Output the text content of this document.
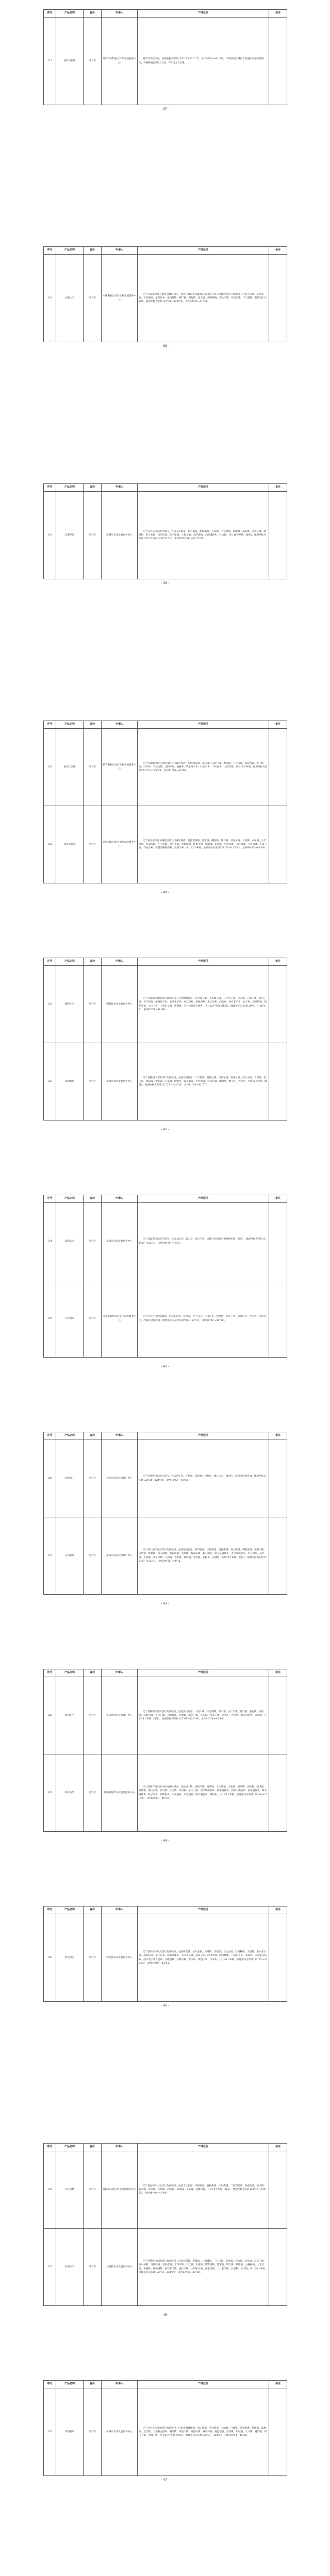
序号	产品名称	省份	申请人	产地范围	备注
117	葫芦岛石榴	辽宁省	葫芦岛市特色农产品发展服务中心	葫芦岛市辖区内，地理坐标为东经119°13′~121°15′，北纬40°01′~41°00′。产地划定区域位于地理标志保护范围内，石榴种植面积0.5万亩，年产量1.2万吨。	
- 37 -
序号	产品名称	省份	申请人	产地范围	备注
118	本溪大米	辽宁省	本溪满族自治县农业发展服务中心	辽宁省本溪满族自治县行政区域内，划定区域位于本溪县东部山区与太子河流域河谷平原地带，包括小市镇、草河掌镇、草河城镇、东营坊乡、清河城镇、碱厂镇、南甸镇、高官镇、田师傅镇、连山关镇、草河口镇、下马塘镇、偏岭镇13个乡镇。地理坐标为东经123°31′~124°55′，北纬40°49′~41°40′。	
- 38 -
序号	产品名称	省份	申请人	产地范围	备注
119	东港草莓	辽宁省	东港市农业发展服务中心	辽宁省丹东市东港市境内，包括大东街道、新兴街道、新城街道、长安镇、十字街镇、前阳镇、孤山镇、北井子镇、椅圈镇、黄土坎镇、马家店镇、龙王庙镇、小甸子镇、菩萨庙镇、合隆满族乡、长山镇，共计16个乡镇（街道）。地理坐标为东经123°22′30″~124°22′22″，北纬39°45′30″~40°12′56″。	
- 39 -
序号	产品名称	省份	申请人	产地范围	备注
120	新宾辽五味	辽宁省	新宾满族自治县农业发展服务中心	辽宁省抚顺市新宾满族自治县行政区域内，包括新宾镇、永陵镇、旺清门镇、木奇镇、上夹河镇、南杂木镇、苇子峪镇、红升乡、平顶山镇、北四平乡、榆树乡、响水河子乡、红庙子乡、下夹河乡、大四平镇，共计15个乡镇。地理坐标为东经124°15′~125°28′，北纬41°14′~41°48′。	
121	宽甸石柱参	辽宁省	宽甸满族自治县农业发展服务中心	辽宁省丹东市宽甸满族自治县行政区域内，包括宽甸镇、灌水镇、硼海镇、红石镇、毛甸子镇、长甸镇、永甸镇、太平哨镇、青山沟镇、牛毛坞镇、大川头镇、青椅山镇、杨木川镇、虎山镇、振江镇、步达远镇、大西岔镇、八河川镇、双山子镇、石柱子乡、下露河朝鲜族乡、古楼子乡，共计22个乡镇。地理坐标为东经124°21′~125°42′，北纬40°13′~41°09′。	
- 40 -
序号	产品名称	省份	申请人	产地范围	备注
122	朝阳小米	辽宁省	朝阳县农业发展服务中心	辽宁省朝阳市朝阳县行政区域内，包括柳城街道、西大营子镇、木头城子镇、二十家子镇、羊山镇、六家子镇、瓦房子镇、大平房镇、根德营子乡、北四家子乡、南双庙乡、杨树湾乡、东大屯乡、尚志乡、西五家子乡、台子乡、清风岭镇、波罗赤镇、古山子乡、七道泉子镇、胜利镇、乌兰河硕蒙古族乡，共计22个乡镇（街道）。地理坐标为东经119°51′~120°48′，北纬40°55′~41°46′。	
123	北镇葡萄	辽宁省	北镇市农业发展服务中心	辽宁省锦州市北镇市行政区域内，包括北镇街道、广宁街道、窟窿台镇、沟帮子镇、青堆子镇、高山子镇、大市镇、赵屯镇、闾阳镇、中安镇、正安镇、柳家乡、富屯街道、罗罗堡镇、常兴店镇、鲍家乡、廖屯乡、大屯乡，共计18个乡镇（街道）。地理坐标为东经121°27′~122°26′，北纬41°24′~41°57′。	
- 41 -
序号	产品名称	省份	申请人	产地范围	备注
124	盘锦大米	辽宁省	盘锦市农业发展服务中心	辽宁省盘锦市行政区域内，包括大洼区、盘山县、双台子区、兴隆台区所辖水稻种植乡镇（街道）。地理坐标为东经121°25′~122°31′，北纬40°39′~41°27′。	
125	大连海参	辽宁省	大连市现代农业生产发展服务中心	辽宁省大连市所辖海域，包括长海县、庄河市、普兰店区、瓦房店市、金州区、甘井子区、旅顺口区、中山区、沙河口区、西岗区沿海海域，地理坐标为东经120°58′~123°31′，北纬38°43′~40°10′。	
- 42 -
序号	产品名称	省份	申请人	产地范围	备注
126	铁岭榛子	辽宁省	铁岭市农业技术推广中心	辽宁省铁岭市行政区域内，包括西丰县、开原市、昌图县、铁岭县、调兵山市、银州区、清河区所辖乡镇。地理坐标为东经123°24′~124°44′，北纬41°59′~43°29′。	
127	庄河蓝莓	辽宁省	庄河市农业技术推广中心	辽宁省大连市庄河市行政区域内，包括城关街道、新华街道、兴达街道、昌盛街道、石山街道、明阳街道、光明山镇、大营镇、塔岭镇、仙人洞镇、蓉花山镇、长岭镇、荷花山镇、鞍子山乡、桂云花满族乡、太平岭满族乡、步云山乡、吴炉镇、王家镇、栗子房镇、大郑镇、青堆镇、徐岭镇、黑岛镇、花院乡、石城乡，共计26个乡镇（街道）。地理坐标为东经122°29′~123°31′，北纬39°25′~40°12′。	
- 43 -
序号	产品名称	省份	申请人	产地范围	备注
128	黑山花生	辽宁省	黑山县农业技术推广中心	辽宁省锦州市黑山县行政区域内，包括黑山街道、大虎山镇、八道壕镇、芳山镇、白厂门镇、常兴镇、姜屯镇、励家镇、绕阳河镇、半拉门镇、无梁殿镇、胡家镇、新立屯镇、小东镇、四家子镇、段家乡、大兴乡、镇安满族乡、太和镇，共计19个乡镇（街道）。地理坐标为东经122°07′~122°49′，北纬41°28′~42°08′。	
129	绥中白梨	辽宁省	绥中县现代农业发展服务中心	辽宁省葫芦岛市绥中县行政区域内，包括绥中镇、西甸子镇、宽帮镇、大王庙镇、万家镇、前所镇、高岭镇、前卫镇、荒地镇、塔山屯镇、高台镇、王宝镇、沙河镇、小庄子镇、西平坡满族乡、葛家满族乡、高甸子满族乡、范家满族乡、明水满族乡、秋子沟乡、加碑岩乡、永安堡乡、李家堡乡、网户满族乡、城郊乡，共计25个乡镇。地理坐标为东经119°34′~120°29′，北纬39°59′~40°37′。	
- 44 -
序号	产品名称	省份	申请人	产地范围	备注
130	彰武黑豆	辽宁省	彰武县农业发展服务中心	辽宁省阜新市彰武县行政区域内，包括彰武镇、哈尔套镇、五峰镇、冯家镇、章古台镇、后新秋镇、大德镇、东六家子镇、满堂红镇、苇子沟乡、前福兴地乡、大四家子镇、两家子乡、阿尔乡镇、四合城镇、二道河子乡、双庙乡、大冷蒙古族乡、西六家子蒙古族乡、兴隆堡镇、兴隆山镇、丰田乡、四堡子乡、平安乡，共计24个乡镇。地理坐标为东经121°53′~122°58′，北纬42°07′~42°51′。	
- 45 -
序号	产品名称	省份	申请人	产地范围	备注
131	大洼河蟹	辽宁省	盘锦市大洼区农业发展服务中心	辽宁省盘锦市大洼区行政区域内，包括大洼街道、田家街道、榆树街道、王家街道、二界沟街道、向海街道、新兴镇、新开镇、清水镇、东风镇、西安镇、唐家镇、平安镇、赵圈河镇，共计14个乡镇（街道）。地理坐标为东经121°46′~122°25′，北纬40°39′~41°09′。	
132	昌图玉米	辽宁省	昌图县农业发展服务中心	辽宁省铁岭市昌图县行政区域内，包括昌图镇、老城镇、八面城镇、三江口镇、金家镇、宝力镇、泉头镇、双庙子镇、亮中桥镇、马仲河镇、毛家店镇、老四平镇、大洼镇、头道镇、鴜鹭树镇、傅家镇、四合镇、朝阳镇、古榆树镇、七家子镇、东嘎镇、四面城镇、前双井子镇、通江口镇、大四家子镇、曲家店镇、十八家子镇、长发镇、大兴镇，共计29个乡镇。地理坐标为东经123°32′~124°26′，北纬42°33′~43°29′。	
- 46 -
序号	产品名称	省份	申请人	产地范围	备注
133	凤城板栗	辽宁省	凤城市农业发展服务中心	辽宁省丹东市凤城市行政区域内，包括凤凰城街道、凤山街道、草河街道、宝山镇、白旗镇、沙里寨镇、红旗镇、蓝旗镇、边门镇、大堡蒙古族乡、赛马镇、弟兄山镇、鸡冠山镇、刘家河镇、通远堡镇、东汤镇、石城镇、大兴镇、爱阳镇、四门子镇、青城子镇，共计21个乡镇（街道）。地理坐标为东经123°31′~124°40′，北纬40°14′~40°58′。	
- 47 -
